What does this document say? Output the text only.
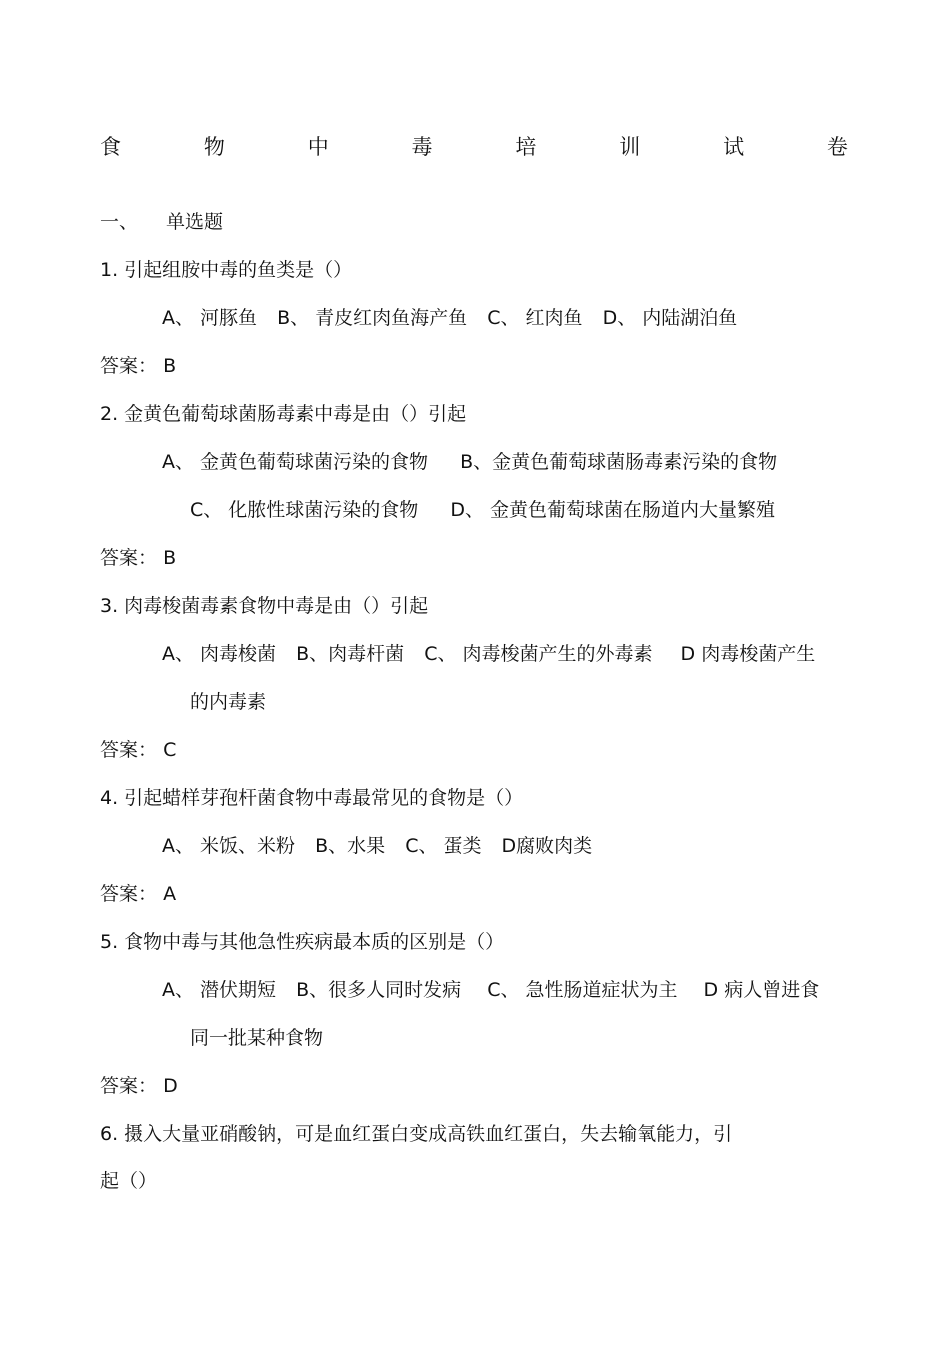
食	物	中	毒	培	训	试	卷
一、 单选题
1. 引起组胺中毒的鱼类是（）
A、 河豚鱼 B、 青皮红肉鱼海产鱼 C、 红肉鱼 D、 内陆湖泊鱼
答案： B
2. 金黄色葡萄球菌肠毒素中毒是由（）引起
A、 金黄色葡萄球菌污染的食物 B、金黄色葡萄球菌肠毒素污染的食物
C、 化脓性球菌污染的食物 D、 金黄色葡萄球菌在肠道内大量繁殖
答案： B
3. 肉毒梭菌毒素食物中毒是由（）引起
A、 肉毒梭菌 B、肉毒杆菌 C、 肉毒梭菌产生的外毒素 D 肉毒梭菌产生
的内毒素
答案： C
4. 引起蜡样芽孢杆菌食物中毒最常见的食物是（）
A、 米饭、米粉 B、水果 C、 蛋类 D腐败肉类
答案： A
5. 食物中毒与其他急性疾病最本质的区别是（）
A、 潜伏期短 B、很多人同时发病 C、 急性肠道症状为主 D 病人曾进食
同一批某种食物
答案： D
6. 摄入大量亚硝酸钠，可是血红蛋白变成高铁血红蛋白，失去输氧能力，引
起（）
